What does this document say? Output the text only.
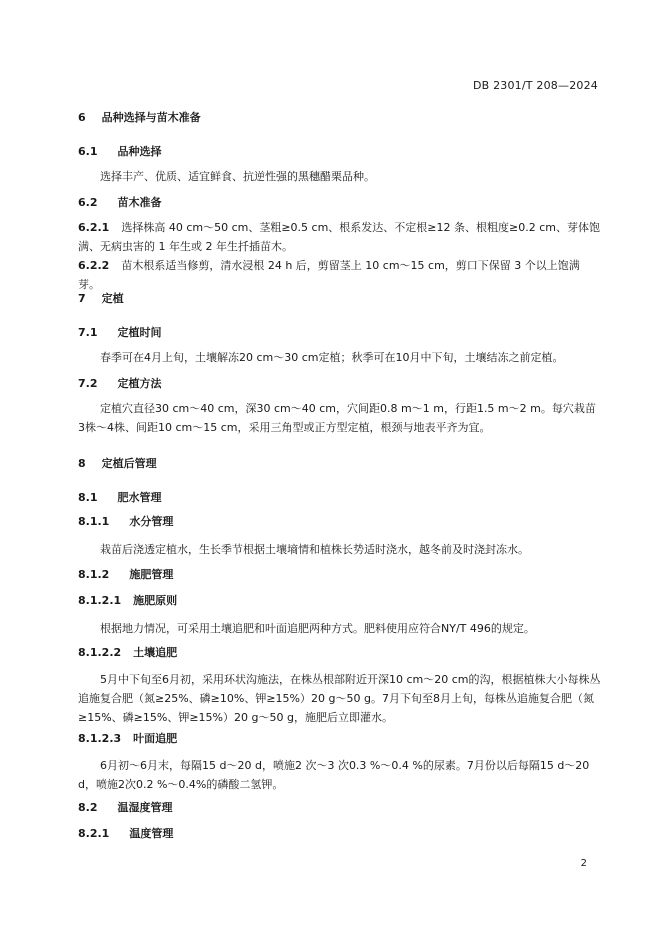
DB 2301/T 208—2024
6 品种选择与苗木准备
6.1 品种选择
选择丰产、优质、适宜鲜食、抗逆性强的黑穗醋栗品种。
6.2 苗木准备
6.2.1 选择株高 40 cm～50 cm、茎粗≥0.5 cm、根系发达、不定根≥12 条、根粗度≥0.2 cm、芽体饱满、无病虫害的 1 年生或 2 年生扦插苗木。
6.2.2 苗木根系适当修剪，清水浸根 24 h 后，剪留茎上 10 cm～15 cm，剪口下保留 3 个以上饱满芽。
7 定植
7.1 定植时间
春季可在4月上旬，土壤解冻20 cm～30 cm定植；秋季可在10月中下旬，土壤结冻之前定植。
7.2 定植方法
定植穴直径30 cm～40 cm，深30 cm～40 cm，穴间距0.8 m～1 m，行距1.5 m～2 m。每穴栽苗3株～4株、间距10 cm～15 cm，采用三角型或正方型定植，根颈与地表平齐为宜。
8 定植后管理
8.1 肥水管理
8.1.1 水分管理
栽苗后浇透定植水，生长季节根据土壤墒情和植株长势适时浇水，越冬前及时浇封冻水。
8.1.2 施肥管理
8.1.2.1 施肥原则
根据地力情况，可采用土壤追肥和叶面追肥两种方式。肥料使用应符合NY/T 496的规定。
8.1.2.2 土壤追肥
5月中下旬至6月初，采用环状沟施法，在株丛根部附近开深10 cm～20 cm的沟，根据植株大小每株丛追施复合肥（氮≥25%、磷≥10%、钾≥15%）20 g～50 g。7月下旬至8月上旬，每株丛追施复合肥（氮≥15%、磷≥15%、钾≥15%）20 g～50 g，施肥后立即灌水。
8.1.2.3 叶面追肥
6月初～6月末，每隔15 d～20 d，喷施2 次～3 次0.3 %～0.4 %的尿素。7月份以后每隔15 d～20 d，喷施2次0.2 %～0.4%的磷酸二氢钾。
8.2 温湿度管理
8.2.1 温度管理
2
